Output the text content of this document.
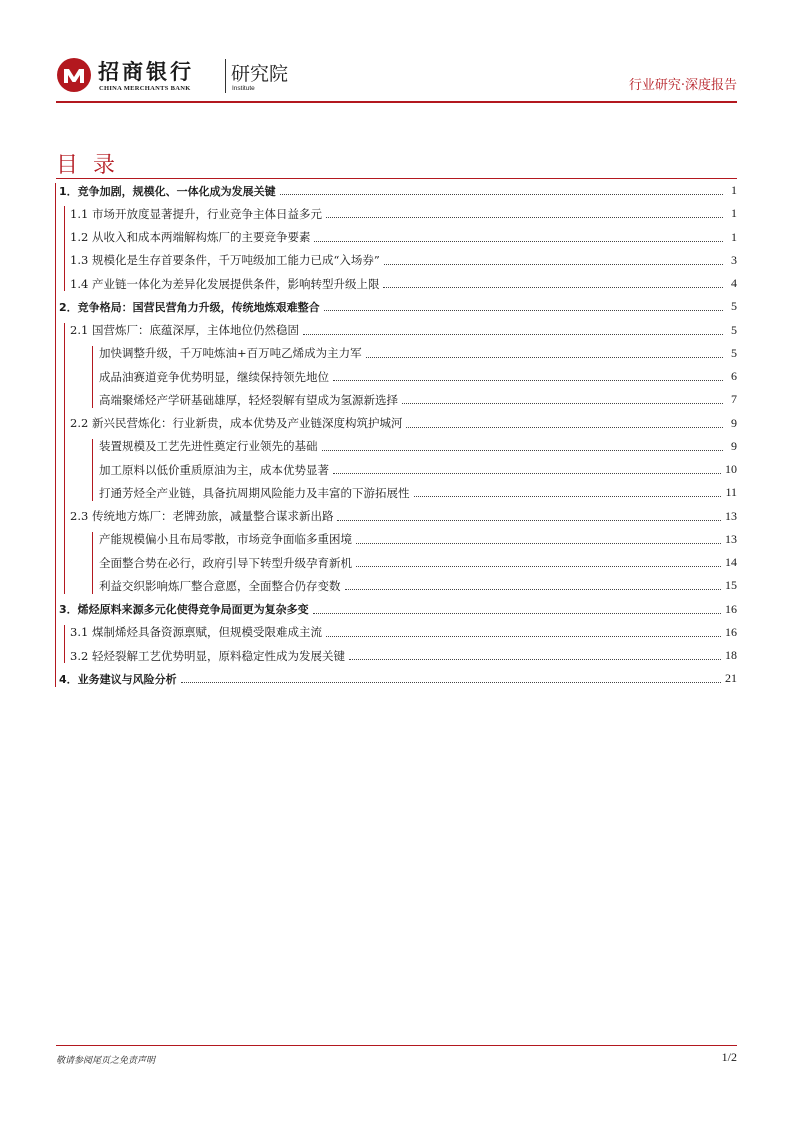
招商银行
CHINA MERCHANTS BANK
研究院
Institute	行业研究·深度报告
目 录
1．竞争加剧，规模化、一体化成为发展关键	1
1.1 市场开放度显著提升，行业竞争主体日益多元	1
1.2 从收入和成本两端解构炼厂的主要竞争要素	1
1.3 规模化是生存首要条件，千万吨级加工能力已成“入场券”	3
1.4 产业链一体化为差异化发展提供条件，影响转型升级上限	4
2．竞争格局：国营民营角力升级，传统地炼艰难整合	5
2.1 国营炼厂：底蕴深厚，主体地位仍然稳固	5
加快调整升级，千万吨炼油+百万吨乙烯成为主力军	5
成品油赛道竞争优势明显，继续保持领先地位	6
高端聚烯烃产学研基础雄厚，轻烃裂解有望成为氢源新选择	7
2.2 新兴民营炼化：行业新贵，成本优势及产业链深度构筑护城河	9
装置规模及工艺先进性奠定行业领先的基础	9
加工原料以低价重质原油为主，成本优势显著	10
打通芳烃全产业链，具备抗周期风险能力及丰富的下游拓展性	11
2.3 传统地方炼厂：老牌劲旅，减量整合谋求新出路	13
产能规模偏小且布局零散，市场竞争面临多重困境	13
全面整合势在必行，政府引导下转型升级孕育新机	14
利益交织影响炼厂整合意愿，全面整合仍存变数	15
3．烯烃原料来源多元化使得竞争局面更为复杂多变	16
3.1 煤制烯烃具备资源禀赋，但规模受限难成主流	16
3.2 轻烃裂解工艺优势明显，原料稳定性成为发展关键	18
4．业务建议与风险分析	21
敬请参阅尾页之免责声明	1/2
